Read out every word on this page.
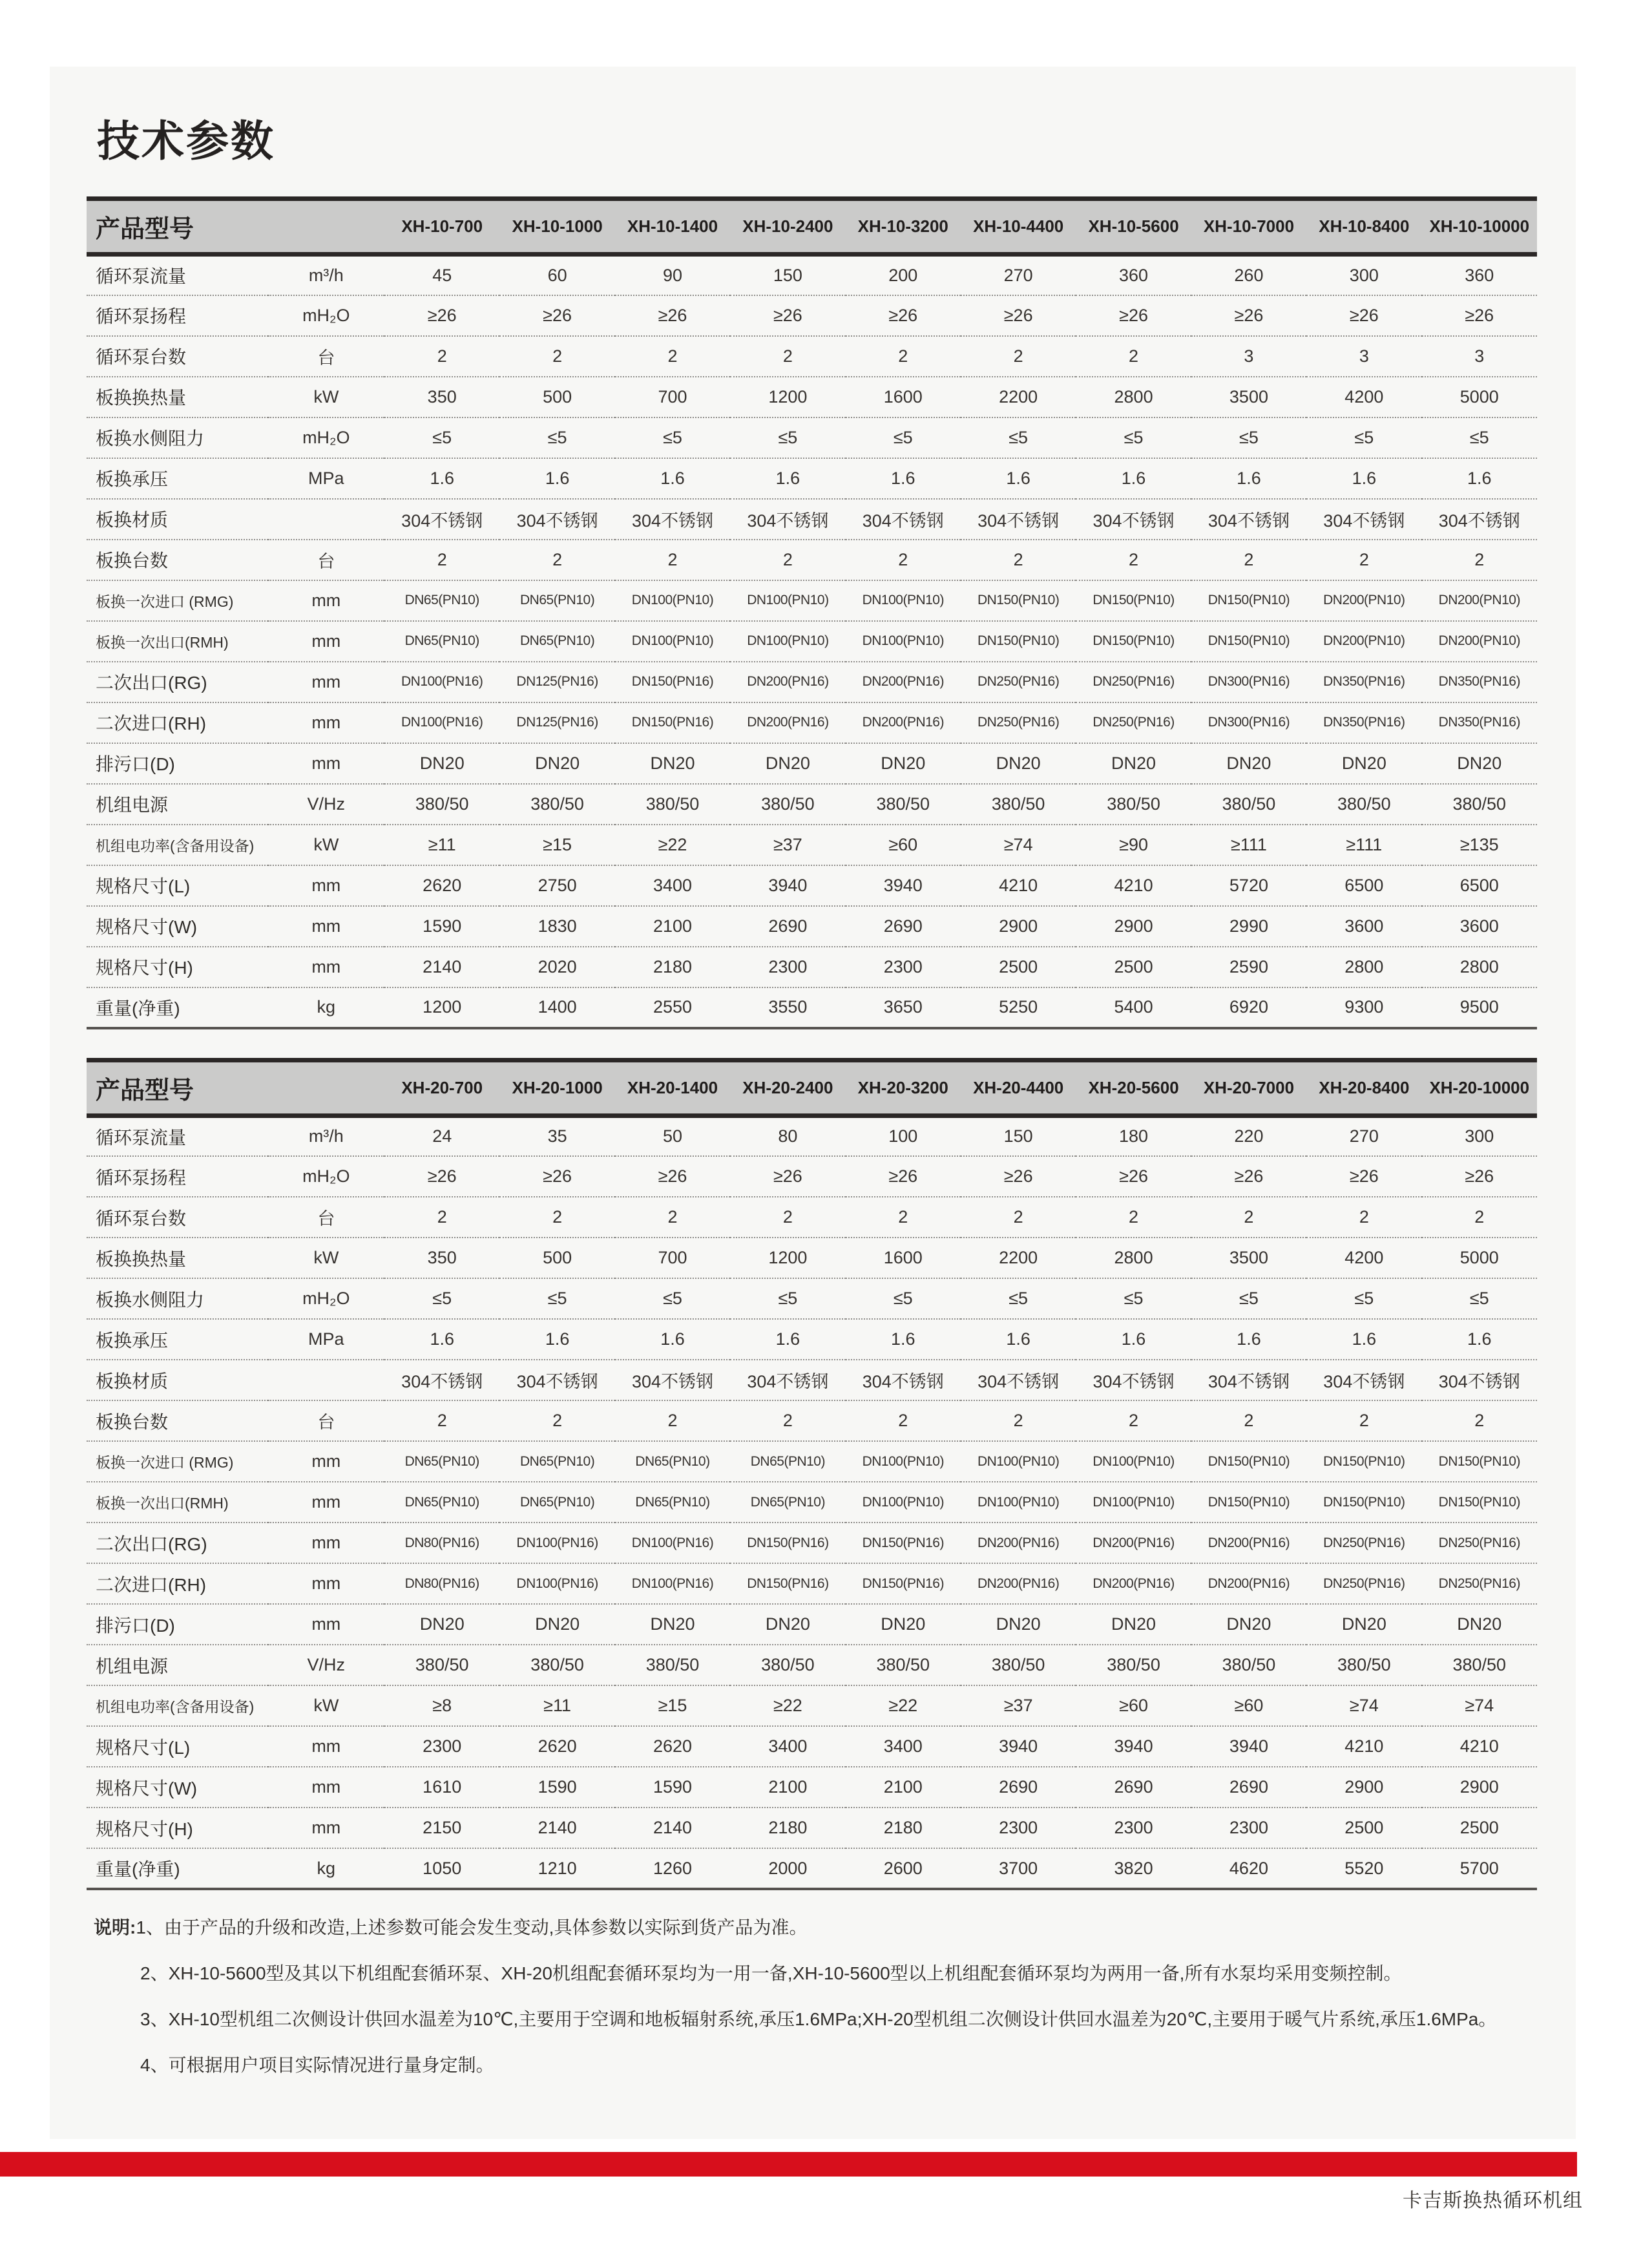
技术参数
产品型号		XH-10-700	XH-10-1000	XH-10-1400	XH-10-2400	XH-10-3200	XH-10-4400	XH-10-5600	XH-10-7000	XH-10-8400	XH-10-10000
循环泵流量	m³/h	45	60	90	150	200	270	360	260	300	360
循环泵扬程	mH₂O	≥26	≥26	≥26	≥26	≥26	≥26	≥26	≥26	≥26	≥26
循环泵台数	台	2	2	2	2	2	2	2	3	3	3
板换换热量	kW	350	500	700	1200	1600	2200	2800	3500	4200	5000
板换水侧阻力	mH₂O	≤5	≤5	≤5	≤5	≤5	≤5	≤5	≤5	≤5	≤5
板换承压	MPa	1.6	1.6	1.6	1.6	1.6	1.6	1.6	1.6	1.6	1.6
板换材质		304不锈钢	304不锈钢	304不锈钢	304不锈钢	304不锈钢	304不锈钢	304不锈钢	304不锈钢	304不锈钢	304不锈钢
板换台数	台	2	2	2	2	2	2	2	2	2	2
板换一次进口 (RMG)	mm	DN65(PN10)	DN65(PN10)	DN100(PN10)	DN100(PN10)	DN100(PN10)	DN150(PN10)	DN150(PN10)	DN150(PN10)	DN200(PN10)	DN200(PN10)
板换一次出口(RMH)	mm	DN65(PN10)	DN65(PN10)	DN100(PN10)	DN100(PN10)	DN100(PN10)	DN150(PN10)	DN150(PN10)	DN150(PN10)	DN200(PN10)	DN200(PN10)
二次出口(RG)	mm	DN100(PN16)	DN125(PN16)	DN150(PN16)	DN200(PN16)	DN200(PN16)	DN250(PN16)	DN250(PN16)	DN300(PN16)	DN350(PN16)	DN350(PN16)
二次进口(RH)	mm	DN100(PN16)	DN125(PN16)	DN150(PN16)	DN200(PN16)	DN200(PN16)	DN250(PN16)	DN250(PN16)	DN300(PN16)	DN350(PN16)	DN350(PN16)
排污口(D)	mm	DN20	DN20	DN20	DN20	DN20	DN20	DN20	DN20	DN20	DN20
机组电源	V/Hz	380/50	380/50	380/50	380/50	380/50	380/50	380/50	380/50	380/50	380/50
机组电功率(含备用设备)	kW	≥11	≥15	≥22	≥37	≥60	≥74	≥90	≥111	≥111	≥135
规格尺寸(L)	mm	2620	2750	3400	3940	3940	4210	4210	5720	6500	6500
规格尺寸(W)	mm	1590	1830	2100	2690	2690	2900	2900	2990	3600	3600
规格尺寸(H)	mm	2140	2020	2180	2300	2300	2500	2500	2590	2800	2800
重量(净重)	kg	1200	1400	2550	3550	3650	5250	5400	6920	9300	9500
产品型号		XH-20-700	XH-20-1000	XH-20-1400	XH-20-2400	XH-20-3200	XH-20-4400	XH-20-5600	XH-20-7000	XH-20-8400	XH-20-10000
循环泵流量	m³/h	24	35	50	80	100	150	180	220	270	300
循环泵扬程	mH₂O	≥26	≥26	≥26	≥26	≥26	≥26	≥26	≥26	≥26	≥26
循环泵台数	台	2	2	2	2	2	2	2	2	2	2
板换换热量	kW	350	500	700	1200	1600	2200	2800	3500	4200	5000
板换水侧阻力	mH₂O	≤5	≤5	≤5	≤5	≤5	≤5	≤5	≤5	≤5	≤5
板换承压	MPa	1.6	1.6	1.6	1.6	1.6	1.6	1.6	1.6	1.6	1.6
板换材质		304不锈钢	304不锈钢	304不锈钢	304不锈钢	304不锈钢	304不锈钢	304不锈钢	304不锈钢	304不锈钢	304不锈钢
板换台数	台	2	2	2	2	2	2	2	2	2	2
板换一次进口 (RMG)	mm	DN65(PN10)	DN65(PN10)	DN65(PN10)	DN65(PN10)	DN100(PN10)	DN100(PN10)	DN100(PN10)	DN150(PN10)	DN150(PN10)	DN150(PN10)
板换一次出口(RMH)	mm	DN65(PN10)	DN65(PN10)	DN65(PN10)	DN65(PN10)	DN100(PN10)	DN100(PN10)	DN100(PN10)	DN150(PN10)	DN150(PN10)	DN150(PN10)
二次出口(RG)	mm	DN80(PN16)	DN100(PN16)	DN100(PN16)	DN150(PN16)	DN150(PN16)	DN200(PN16)	DN200(PN16)	DN200(PN16)	DN250(PN16)	DN250(PN16)
二次进口(RH)	mm	DN80(PN16)	DN100(PN16)	DN100(PN16)	DN150(PN16)	DN150(PN16)	DN200(PN16)	DN200(PN16)	DN200(PN16)	DN250(PN16)	DN250(PN16)
排污口(D)	mm	DN20	DN20	DN20	DN20	DN20	DN20	DN20	DN20	DN20	DN20
机组电源	V/Hz	380/50	380/50	380/50	380/50	380/50	380/50	380/50	380/50	380/50	380/50
机组电功率(含备用设备)	kW	≥8	≥11	≥15	≥22	≥22	≥37	≥60	≥60	≥74	≥74
规格尺寸(L)	mm	2300	2620	2620	3400	3400	3940	3940	3940	4210	4210
规格尺寸(W)	mm	1610	1590	1590	2100	2100	2690	2690	2690	2900	2900
规格尺寸(H)	mm	2150	2140	2140	2180	2180	2300	2300	2300	2500	2500
重量(净重)	kg	1050	1210	1260	2000	2600	3700	3820	4620	5520	5700
说明:1、由于产品的升级和改造,上述参数可能会发生变动,具体参数以实际到货产品为准。
2、XH-10-5600型及其以下机组配套循环泵、XH-20机组配套循环泵均为一用一备,XH-10-5600型以上机组配套循环泵均为两用一备,所有水泵均采用变频控制。
3、XH-10型机组二次侧设计供回水温差为10℃,主要用于空调和地板辐射系统,承压1.6MPa;XH-20型机组二次侧设计供回水温差为20℃,主要用于暖气片系统,承压1.6MPa。
4、可根据用户项目实际情况进行量身定制。
卡吉斯换热循环机组
